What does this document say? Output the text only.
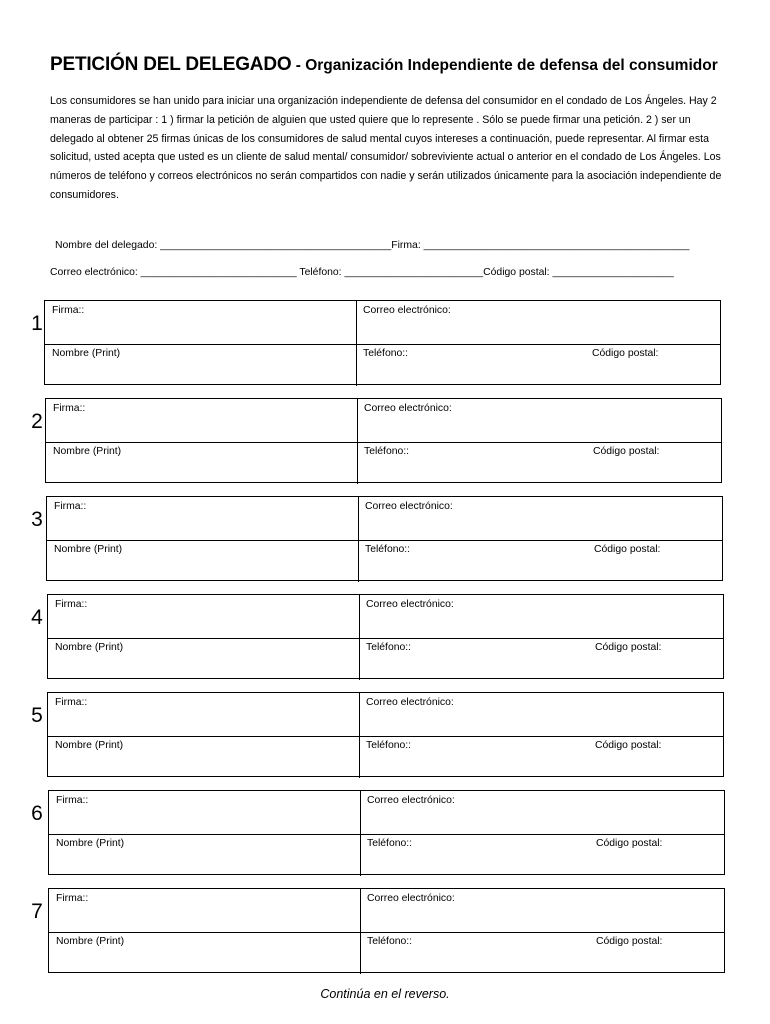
PETICIÓN DEL DELEGADO - Organización Independiente de defensa del consumidor
Los consumidores se han unido para iniciar una organización independiente de defensa del consumidor en el condado de Los Ángeles. Hay 2 maneras de participar : 1 ) firmar la petición de alguien que usted quiere que lo represente . Sólo se puede firmar una petición. 2 ) ser un delegado al obtener 25 firmas únicas de los consumidores de salud mental cuyos intereses a continuación, puede representar. Al firmar esta solicitud, usted acepta que usted es un cliente de salud mental/ consumidor/ sobreviviente actual o anterior en el condado de Los Ángeles. Los números de teléfono y correos electrónicos no serán compartidos con nadie y serán utilizados únicamente para la asociación independiente de consumidores.
Nombre del delegado: ________________________________________Firma: ______________________________________________
Correo electrónico: ___________________________ Teléfono: ________________________Código postal: _____________________
1
Firma::	Correo electrónico:
Nombre (Print)	Teléfono::	Código postal:
2
Firma::	Correo electrónico:
Nombre (Print)	Teléfono::	Código postal:
3
Firma::	Correo electrónico:
Nombre (Print)	Teléfono::	Código postal:
4
Firma::	Correo electrónico:
Nombre (Print)	Teléfono::	Código postal:
5
Firma::	Correo electrónico:
Nombre (Print)	Teléfono::	Código postal:
6
Firma::	Correo electrónico:
Nombre (Print)	Teléfono::	Código postal:
7
Firma::	Correo electrónico:
Nombre (Print)	Teléfono::	Código postal:
Continúa en el reverso.
